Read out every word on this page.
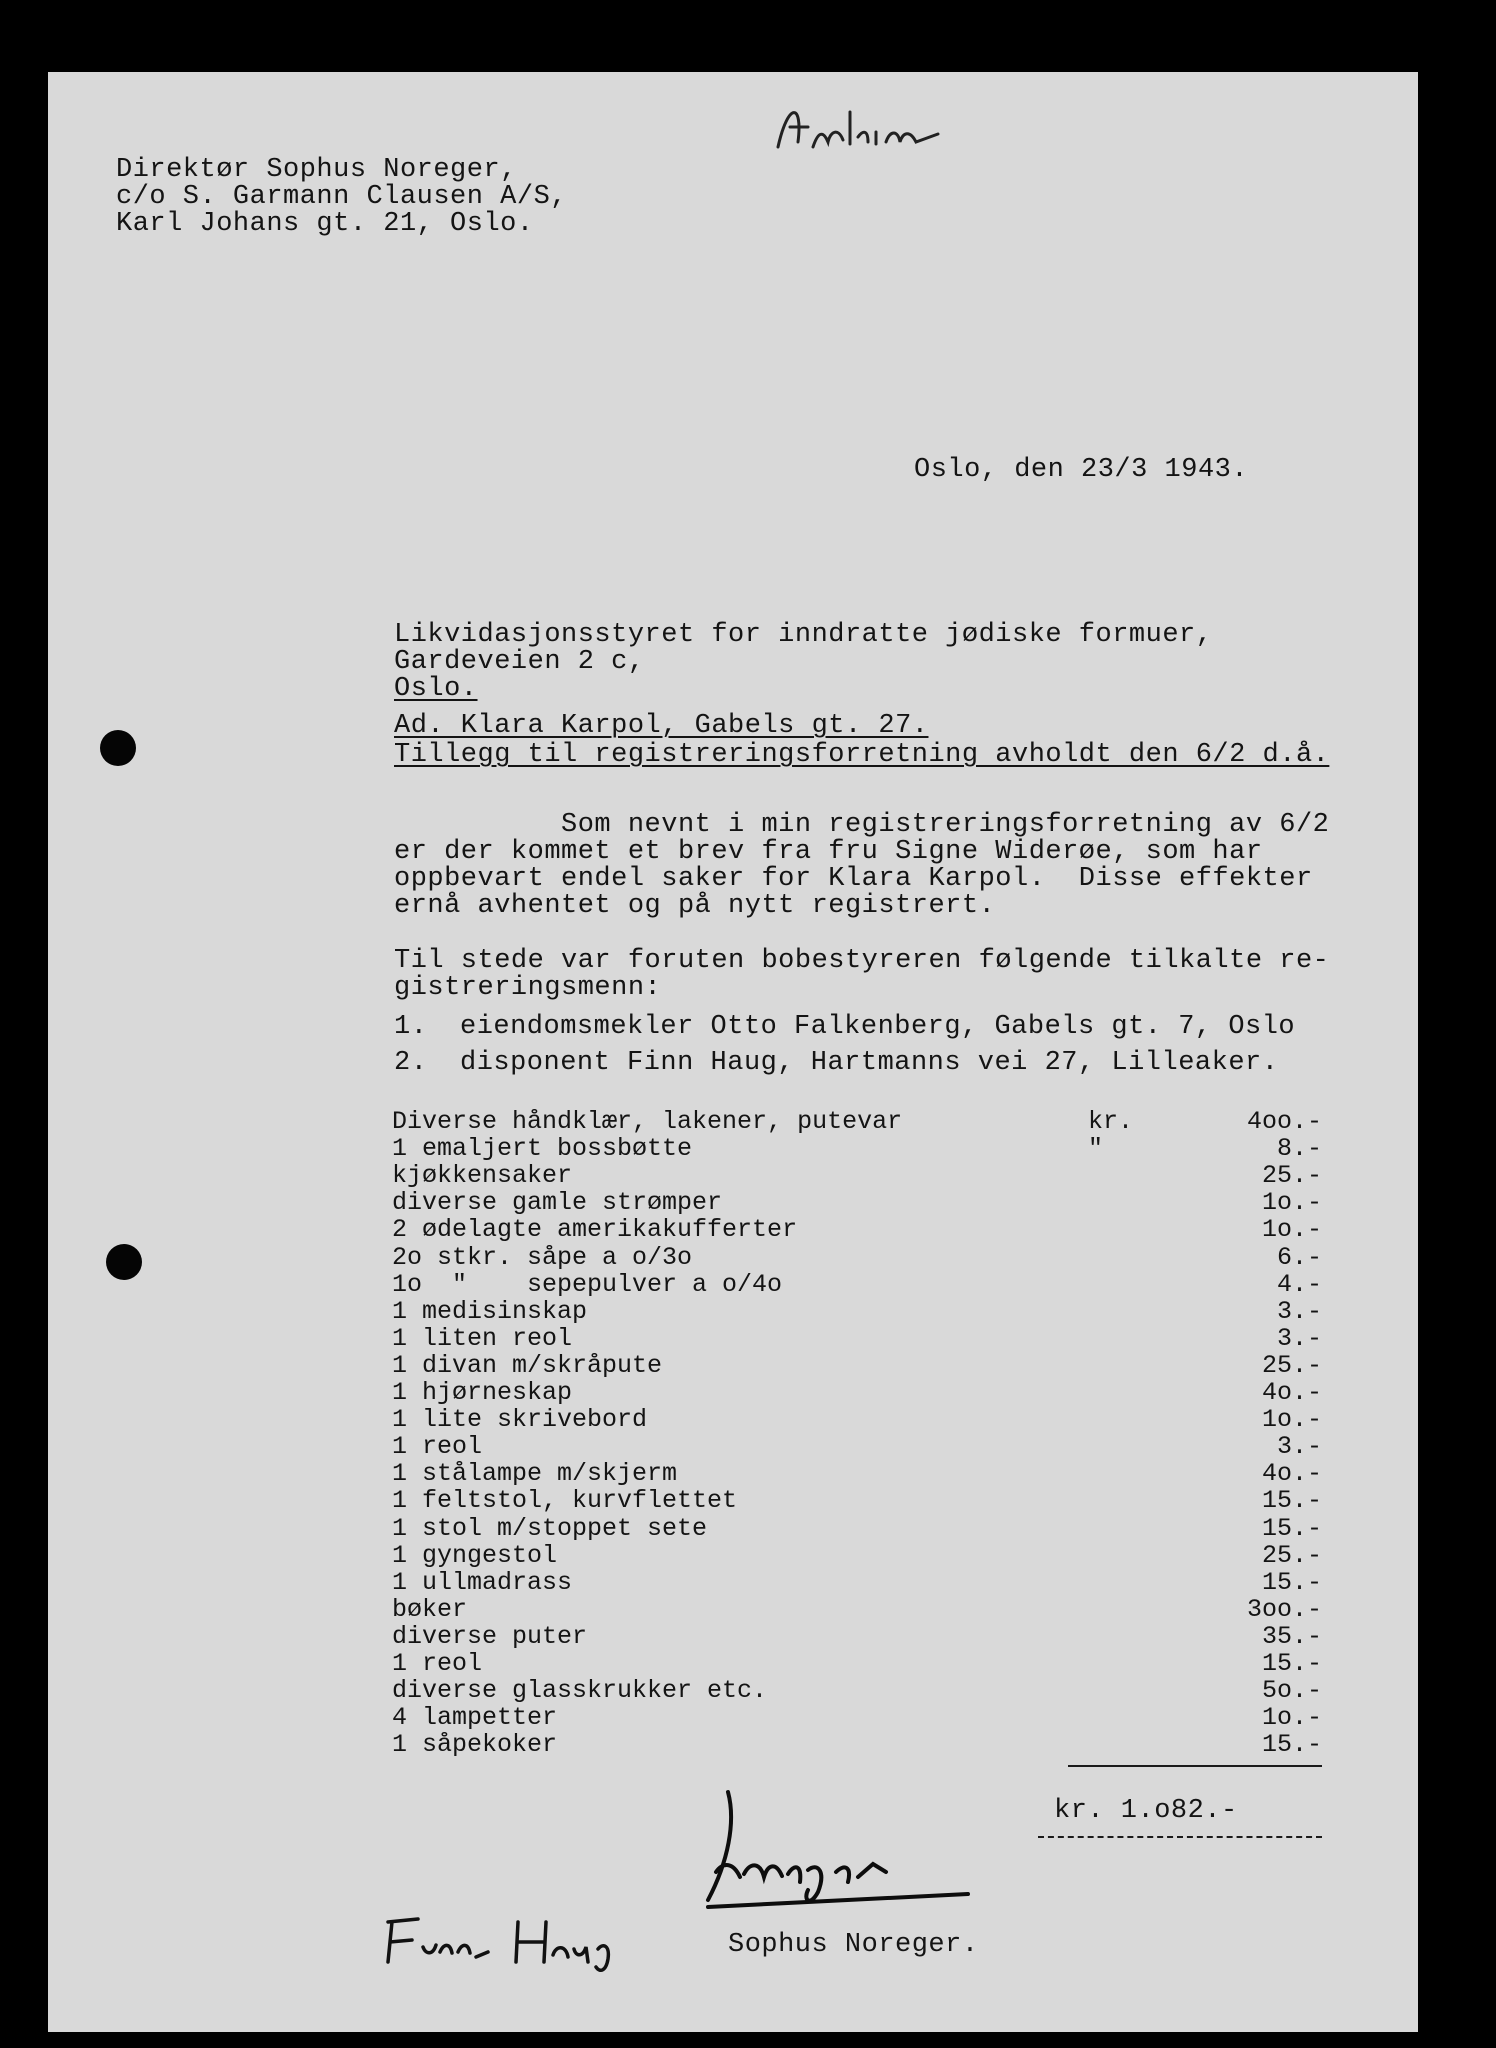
Direktør Sophus Noreger,
c/o S. Garmann Clausen A/S,
Karl Johans gt. 21, Oslo.
Oslo, den 23/3 1943.
Likvidasjonsstyret for inndratte jødiske formuer,
Gardeveien 2 c,
Oslo.
Ad. Klara Karpol, Gabels gt. 27.
Tillegg til registreringsforretning avholdt den 6/2 d.å.
Som nevnt i min registreringsforretning av 6/2
er der kommet et brev fra fru Signe Widerøe, som har
oppbevart endel saker for Klara Karpol.  Disse effekter
ernå avhentet og på nytt registrert.
Til stede var foruten bobestyreren følgende tilkalte re-
gistreringsmenn:
1. eiendomsmekler Otto Falkenberg, Gabels gt. 7, Oslo
2. disponent Finn Haug, Hartmanns vei 27, Lilleaker.
Diverse håndklær, lakener, putevar	kr.	4oo.-
1 emaljert bossbøtte	"	8.-
kjøkkensaker	25.-
diverse gamle strømper	1o.-
2 ødelagte amerikakufferter	1o.-
2o stkr. såpe a o/3o	6.-
1o  "    sepepulver a o/4o	4.-
1 medisinskap	3.-
1 liten reol	3.-
1 divan m/skråpute	25.-
1 hjørneskap	4o.-
1 lite skrivebord	1o.-
1 reol	3.-
1 stålampe m/skjerm	4o.-
1 feltstol, kurvflettet	15.-
1 stol m/stoppet sete	15.-
1 gyngestol	25.-
1 ullmadrass	15.-
bøker	3oo.-
diverse puter	35.-
1 reol	15.-
diverse glasskrukker etc.	5o.-
4 lampetter	1o.-
1 såpekoker	15.-
kr. 1.o82.-
Sophus Noreger.
